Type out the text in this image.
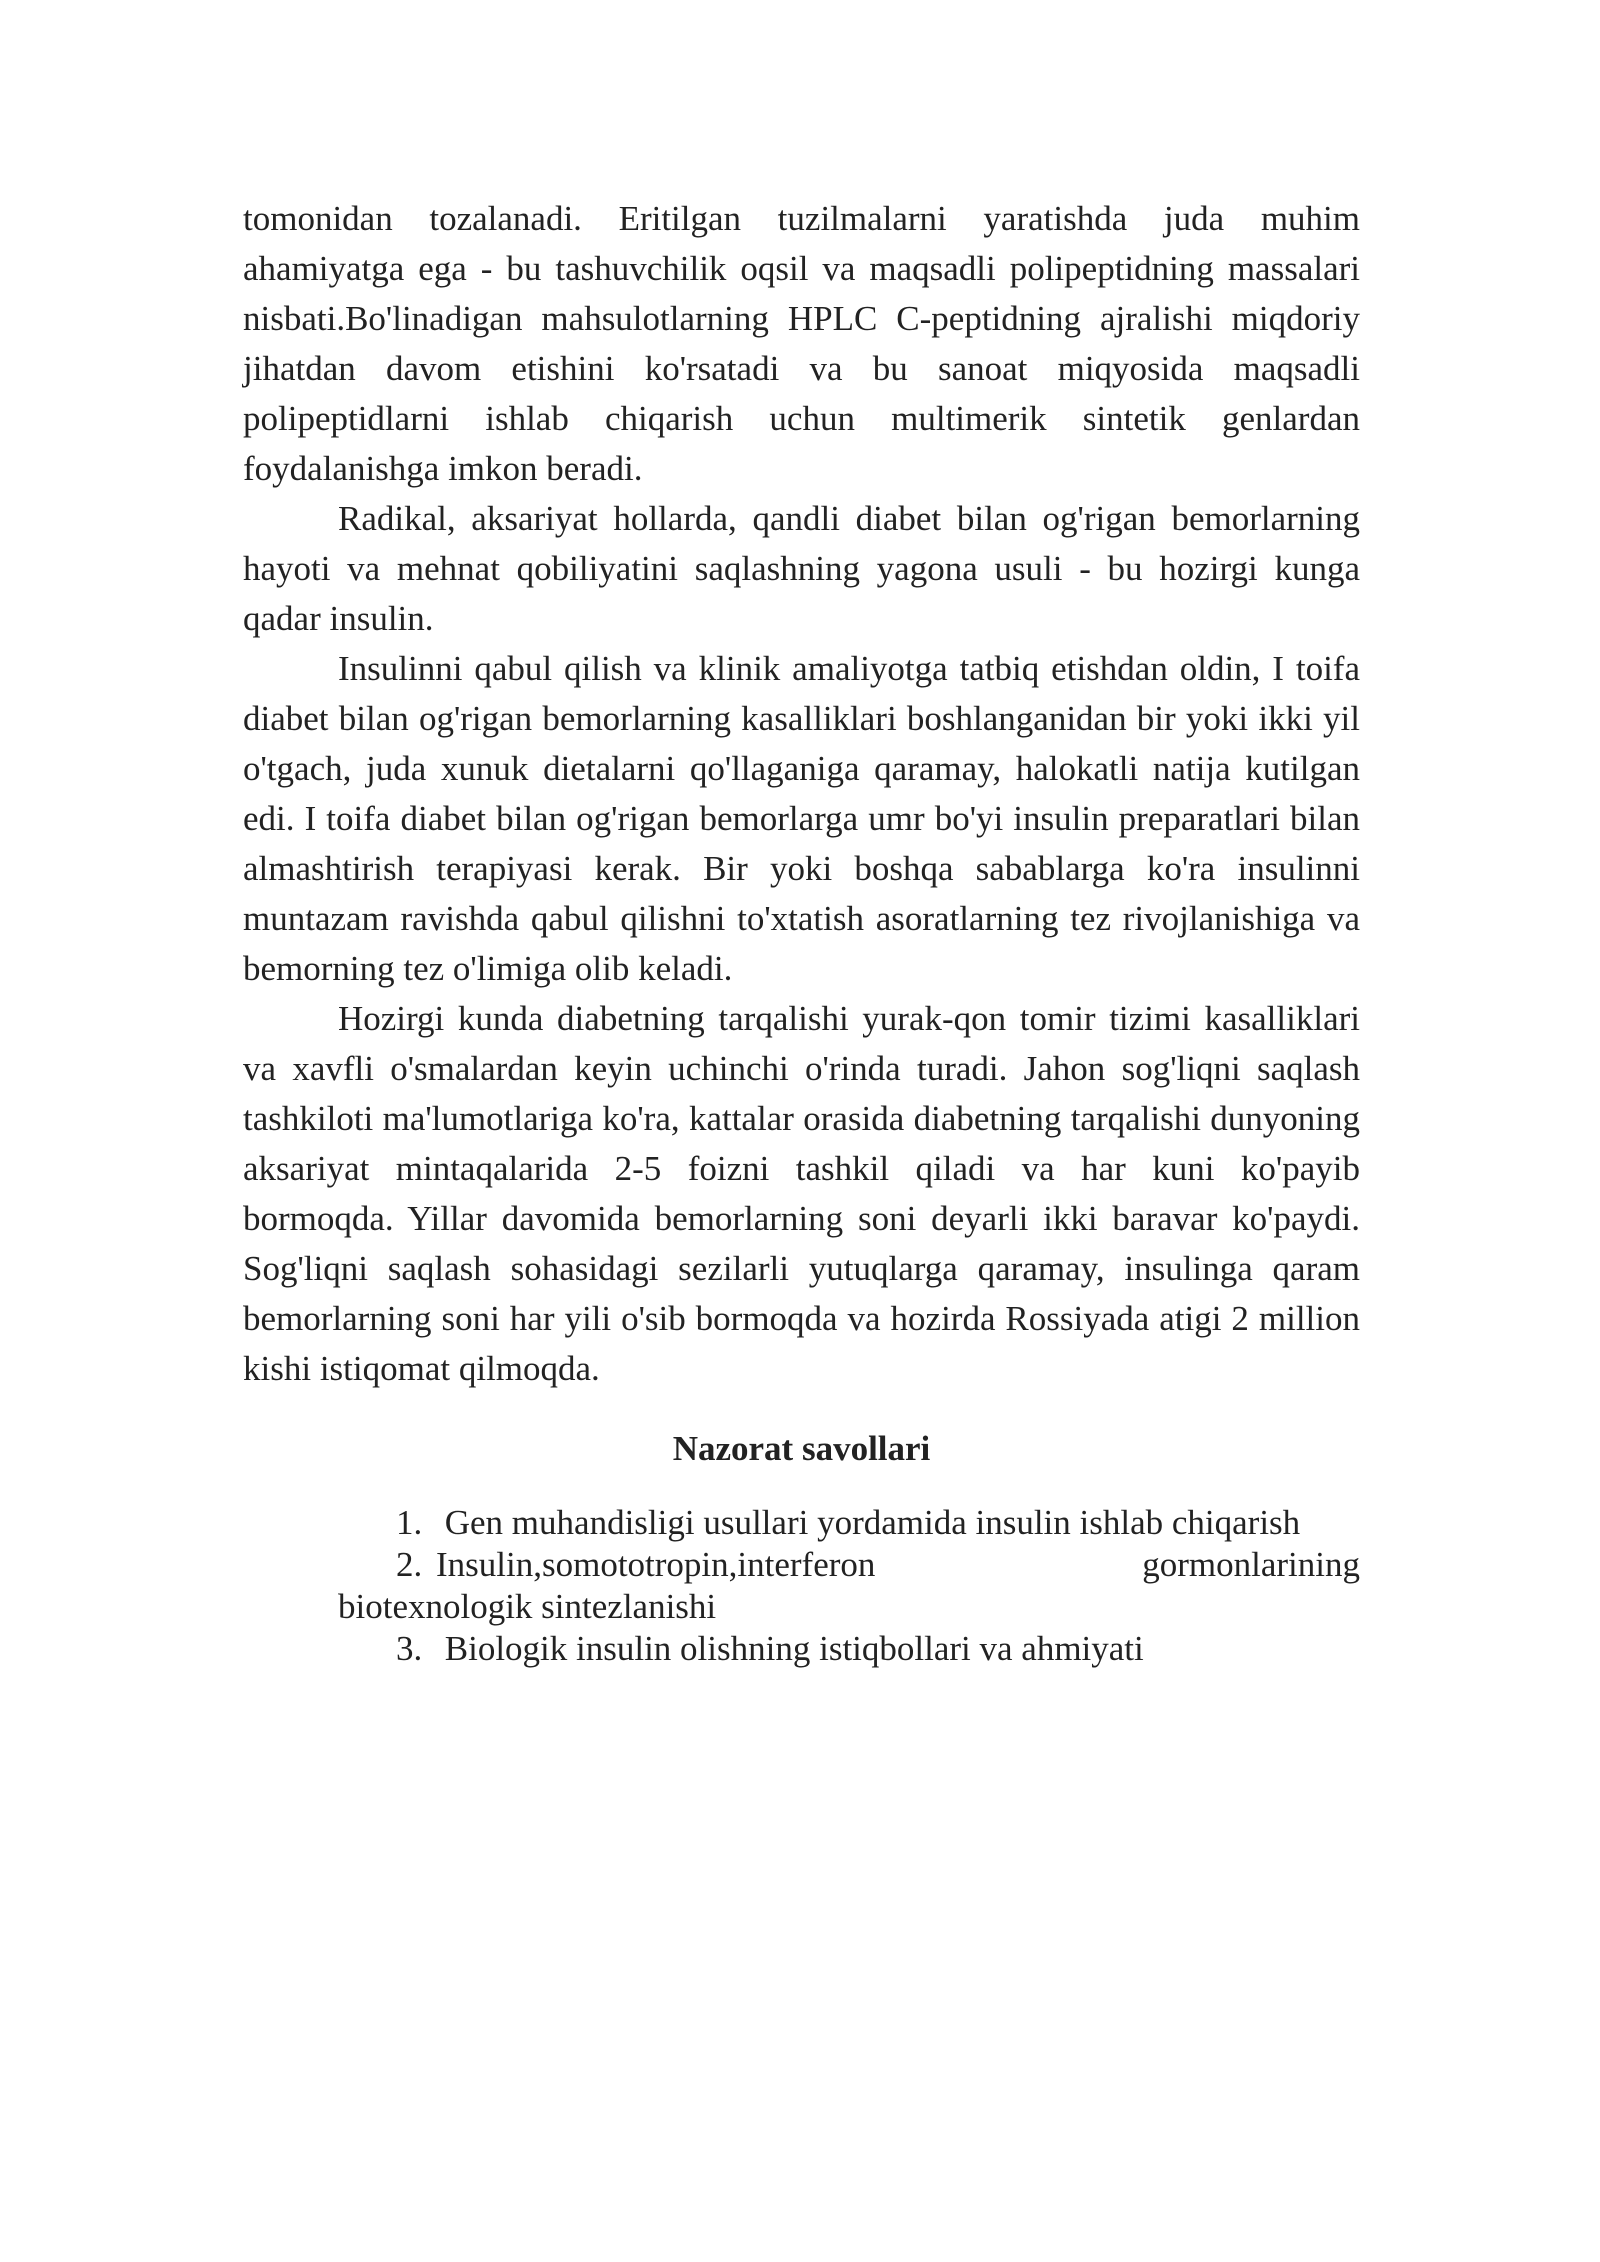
tomonidan tozalanadi. Eritilgan tuzilmalarni yaratishda juda muhim ahamiyatga ega - bu tashuvchilik oqsil va maqsadli polipeptidning massalari nisbati.Bo'linadigan mahsulotlarning HPLC C-peptidning ajralishi miqdoriy jihatdan davom etishini ko'rsatadi va bu sanoat miqyosida maqsadli polipeptidlarni ishlab chiqarish uchun multimerik sintetik genlardan foydalanishga imkon beradi.

Radikal, aksariyat hollarda, qandli diabet bilan og'rigan bemorlarning hayoti va mehnat qobiliyatini saqlashning yagona usuli - bu hozirgi kunga qadar insulin.

Insulinni qabul qilish va klinik amaliyotga tatbiq etishdan oldin, I toifa diabet bilan og'rigan bemorlarning kasalliklari boshlanganidan bir yoki ikki yil o'tgach, juda xunuk dietalarni qo'llaganiga qaramay, halokatli natija kutilgan edi. I toifa diabet bilan og'rigan bemorlarga umr bo'yi insulin preparatlari bilan almashtirish terapiyasi kerak. Bir yoki boshqa sabablarga ko'ra insulinni muntazam ravishda qabul qilishni to'xtatish asoratlarning tez rivojlanishiga va bemorning tez o'limiga olib keladi.

Hozirgi kunda diabetning tarqalishi yurak-qon tomir tizimi kasalliklari va xavfli o'smalardan keyin uchinchi o'rinda turadi. Jahon sog'liqni saqlash tashkiloti ma'lumotlariga ko'ra, kattalar orasida diabetning tarqalishi dunyoning aksariyat mintaqalarida 2-5 foizni tashkil qiladi va har kuni ko'payib bormoqda. Yillar davomida bemorlarning soni deyarli ikki baravar ko'paydi. Sog'liqni saqlash sohasidagi sezilarli yutuqlarga qaramay, insulinga qaram bemorlarning soni har yili o'sib bormoqda va hozirda Rossiyada atigi 2 million kishi istiqomat qilmoqda.

Nazorat savollari
1. Gen muhandisligi usullari yordamida insulin ishlab chiqarish
2. Insulin,somototropin,interferon gormonlarining
biotexnologik sintezlanishi
3. Biologik insulin olishning istiqbollari va ahmiyati
